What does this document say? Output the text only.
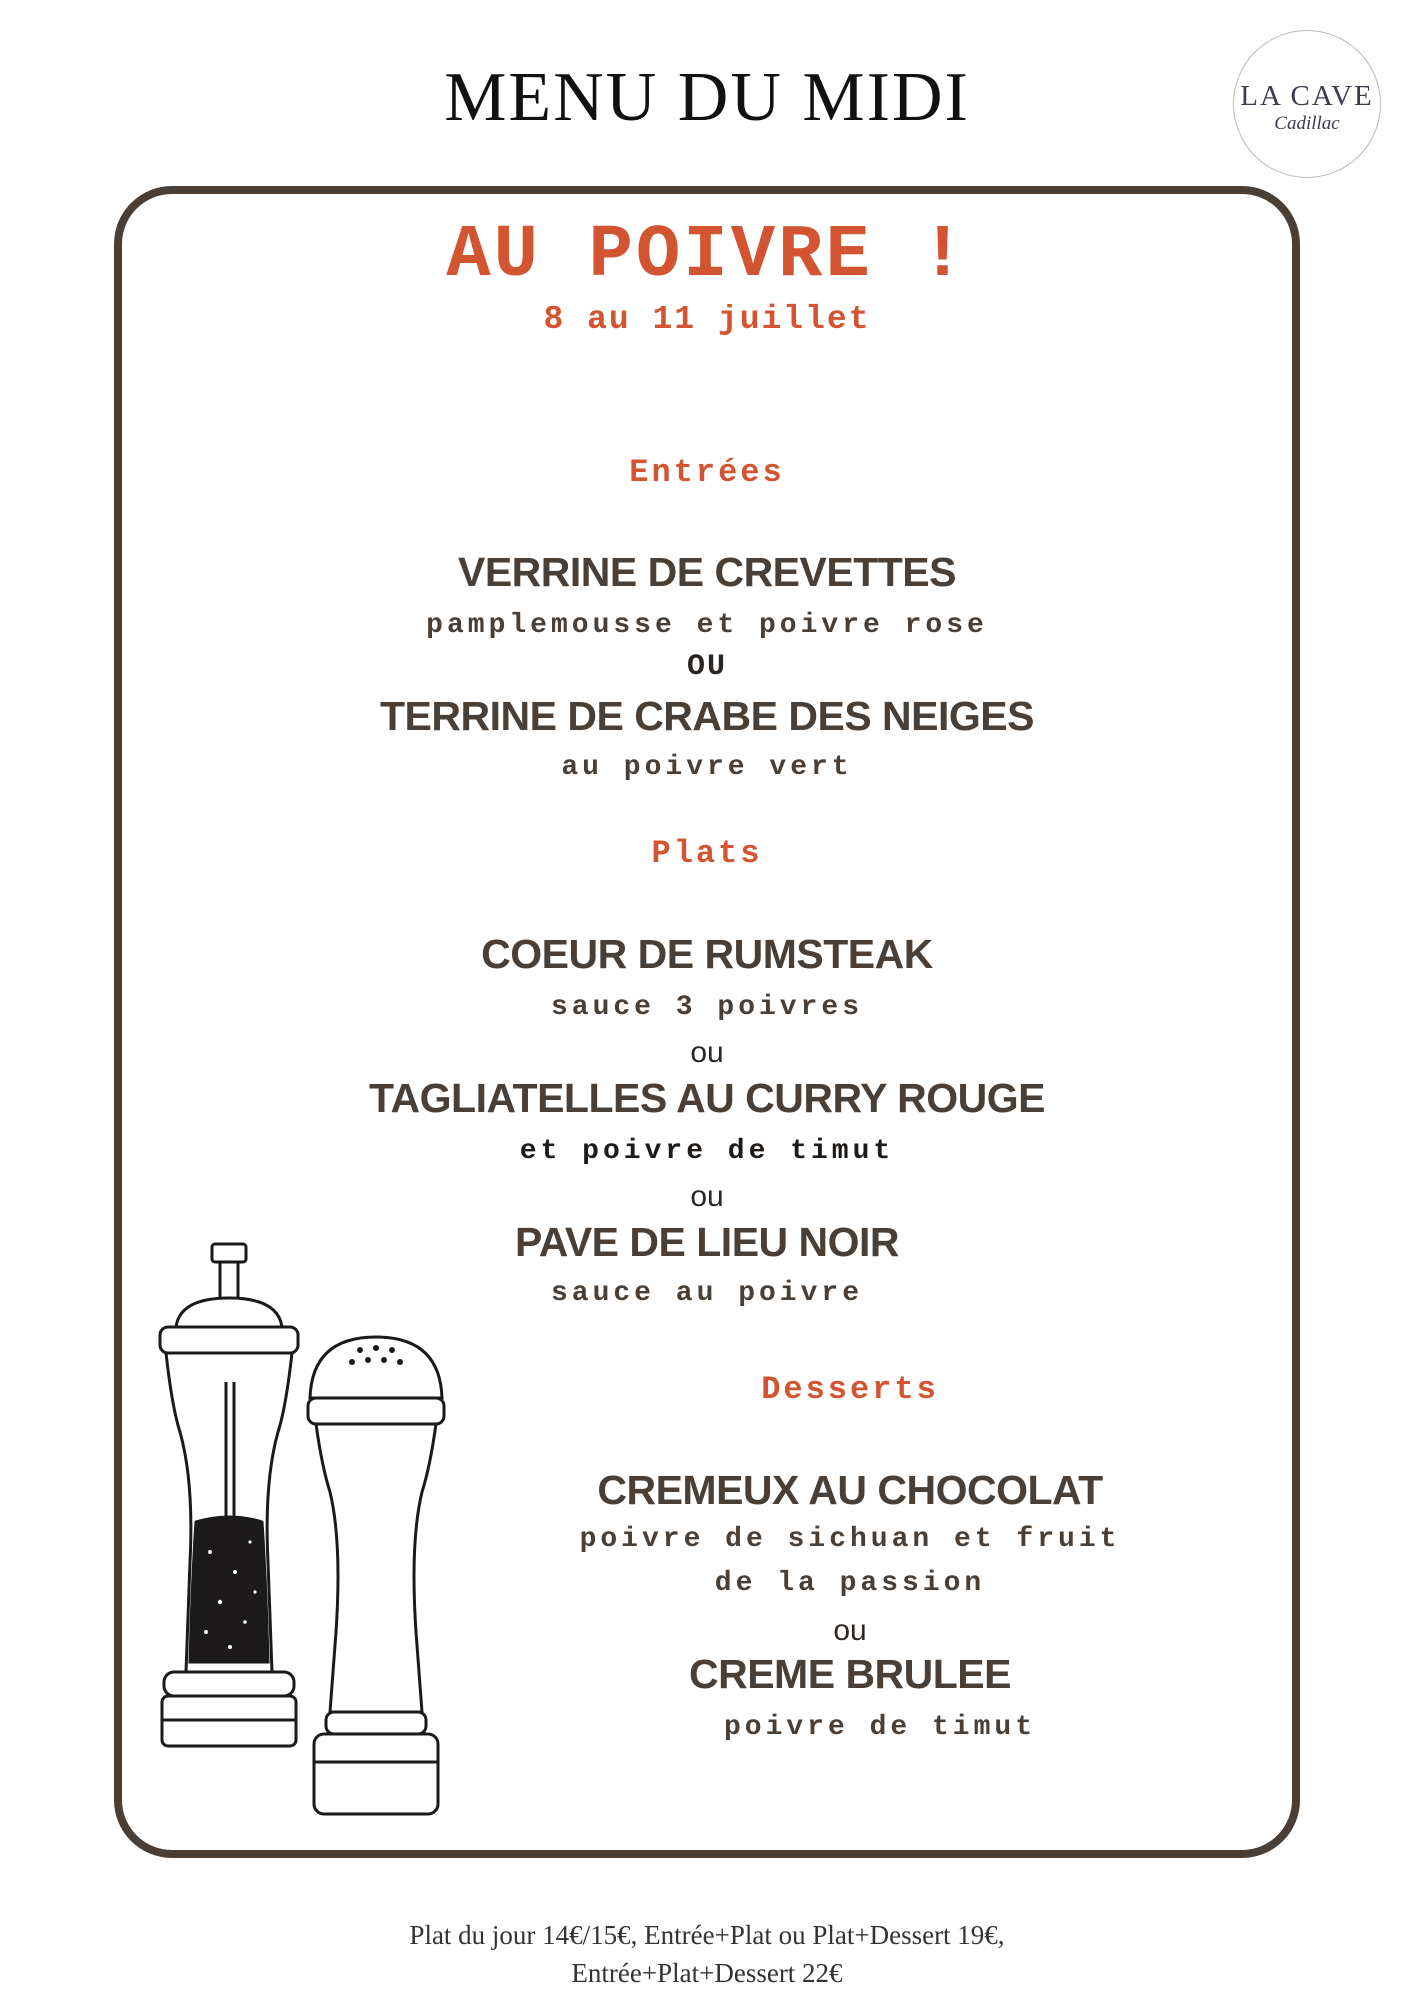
MENU DU MIDI	LA CAVE
Cadillac
AU POIVRE !
8 au 11 juillet
Entrées
VERRINE DE CREVETTES
pamplemousse et poivre rose
OU
TERRINE DE CRABE DES NEIGES
au poivre vert
Plats
COEUR DE RUMSTEAK
sauce 3 poivres
ou
TAGLIATELLES AU CURRY ROUGE
et poivre de timut
ou
PAVE DE LIEU NOIR
sauce au poivre
Desserts
CREMEUX AU CHOCOLAT
poivre de sichuan et fruit
de la passion
ou
CREME BRULEE
poivre de timut
Plat du jour 14€/15€, Entrée+Plat ou Plat+Dessert 19€,
Entrée+Plat+Dessert 22€
